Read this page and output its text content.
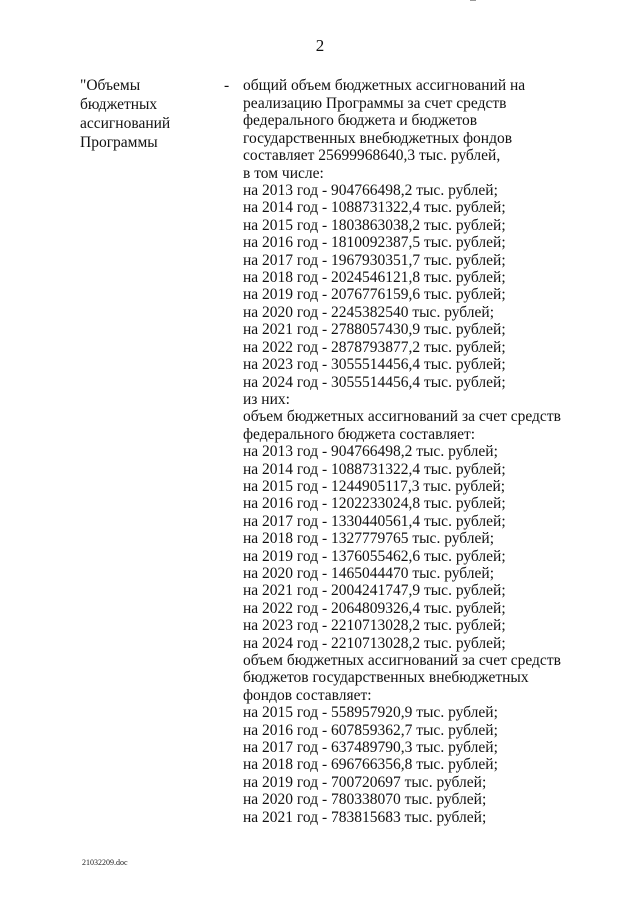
2
"Объемы
бюджетных
ассигнований
Программы
- общий объем бюджетных ассигнований на
реализацию Программы за счет средств
федерального бюджета и бюджетов
государственных внебюджетных фондов
составляет 25699968640,3 тыс. рублей,
в том числе:
на 2013 год - 904766498,2 тыс. рублей;
на 2014 год - 1088731322,4 тыс. рублей;
на 2015 год - 1803863038,2 тыс. рублей;
на 2016 год - 1810092387,5 тыс. рублей;
на 2017 год - 1967930351,7 тыс. рублей;
на 2018 год - 2024546121,8 тыс. рублей;
на 2019 год - 2076776159,6 тыс. рублей;
на 2020 год - 2245382540 тыс. рублей;
на 2021 год - 2788057430,9 тыс. рублей;
на 2022 год - 2878793877,2 тыс. рублей;
на 2023 год - 3055514456,4 тыс. рублей;
на 2024 год - 3055514456,4 тыс. рублей;
из них:
объем бюджетных ассигнований за счет средств
федерального бюджета составляет:
на 2013 год - 904766498,2 тыс. рублей;
на 2014 год - 1088731322,4 тыс. рублей;
на 2015 год - 1244905117,3 тыс. рублей;
на 2016 год - 1202233024,8 тыс. рублей;
на 2017 год - 1330440561,4 тыс. рублей;
на 2018 год - 1327779765 тыс. рублей;
на 2019 год - 1376055462,6 тыс. рублей;
на 2020 год - 1465044470 тыс. рублей;
на 2021 год - 2004241747,9 тыс. рублей;
на 2022 год - 2064809326,4 тыс. рублей;
на 2023 год - 2210713028,2 тыс. рублей;
на 2024 год - 2210713028,2 тыс. рублей;
объем бюджетных ассигнований за счет средств
бюджетов государственных внебюджетных
фондов составляет:
на 2015 год - 558957920,9 тыс. рублей;
на 2016 год - 607859362,7 тыс. рублей;
на 2017 год - 637489790,3 тыс. рублей;
на 2018 год - 696766356,8 тыс. рублей;
на 2019 год - 700720697 тыс. рублей;
на 2020 год - 780338070 тыс. рублей;
на 2021 год - 783815683 тыс. рублей;
21032209.doc
